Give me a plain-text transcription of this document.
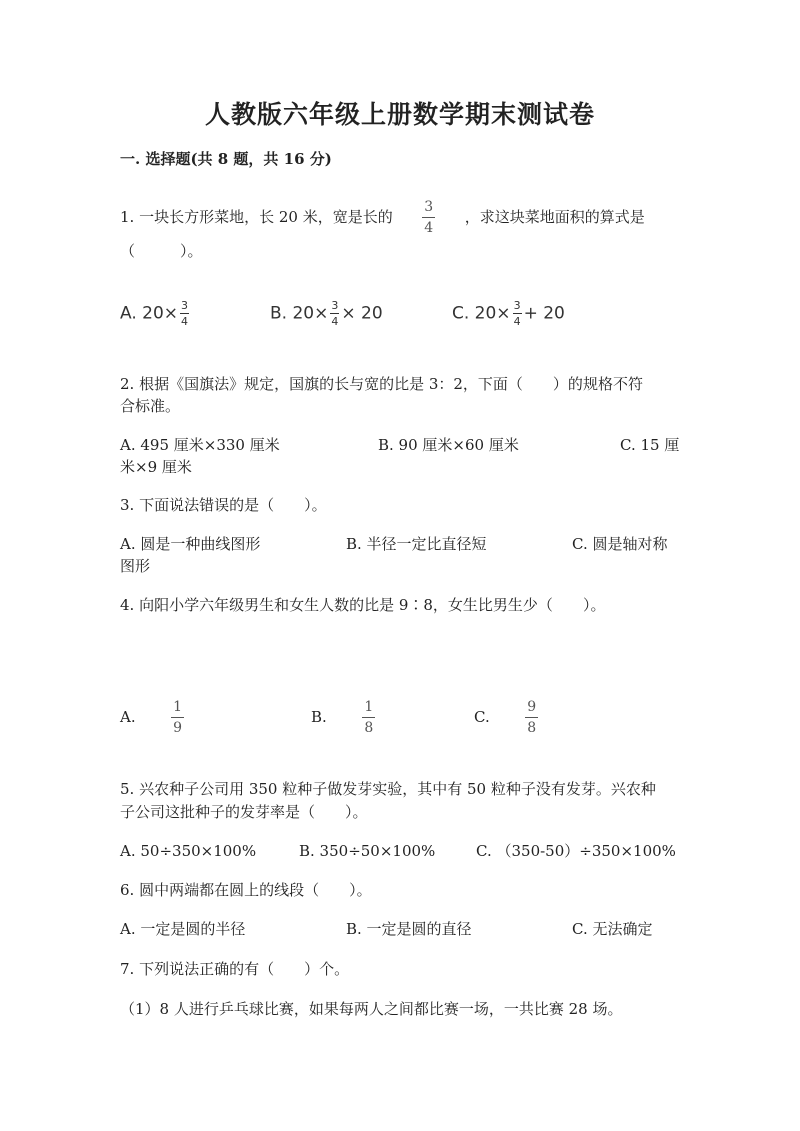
人教版六年级上册数学期末测试卷
一. 选择题(共 8 题，共 16 分)
1. 一块长方形菜地，长 20 米，宽是长的 $\frac{3}{4}$ ，求这块菜地面积的算式是
（　　　）。
A. $20\times \frac{3}{4}$	B. $20\times \frac{3}{4} \times 20$	C. $20\times \frac{3}{4} + 20$
2. 根据《国旗法》规定，国旗的长与宽的比是 3：2，下面（　　）的规格不符
合标准。
A. 495 厘米×330 厘米	B. 90 厘米×60 厘米	C. 15 厘
米×9 厘米
3. 下面说法错误的是（　　）。
A. 圆是一种曲线图形	B. 半径一定比直径短	C. 圆是轴对称
图形
4. 向阳小学六年级男生和女生人数的比是 9∶8，女生比男生少（　　）。
A.	$\frac{1}{9}$	B.	$\frac{1}{8}$	C.	$\frac{9}{8}$
5. 兴农种子公司用 350 粒种子做发芽实验，其中有 50 粒种子没有发芽。兴农种
子公司这批种子的发芽率是（　　）。
A. 50÷350×100%	B. 350÷50×100%	C. （350-50）÷350×100%
6. 圆中两端都在圆上的线段（　　）。
A. 一定是圆的半径	B. 一定是圆的直径	C. 无法确定
7. 下列说法正确的有（　　）个。
（1）8 人进行乒乓球比赛，如果每两人之间都比赛一场，一共比赛 28 场。
